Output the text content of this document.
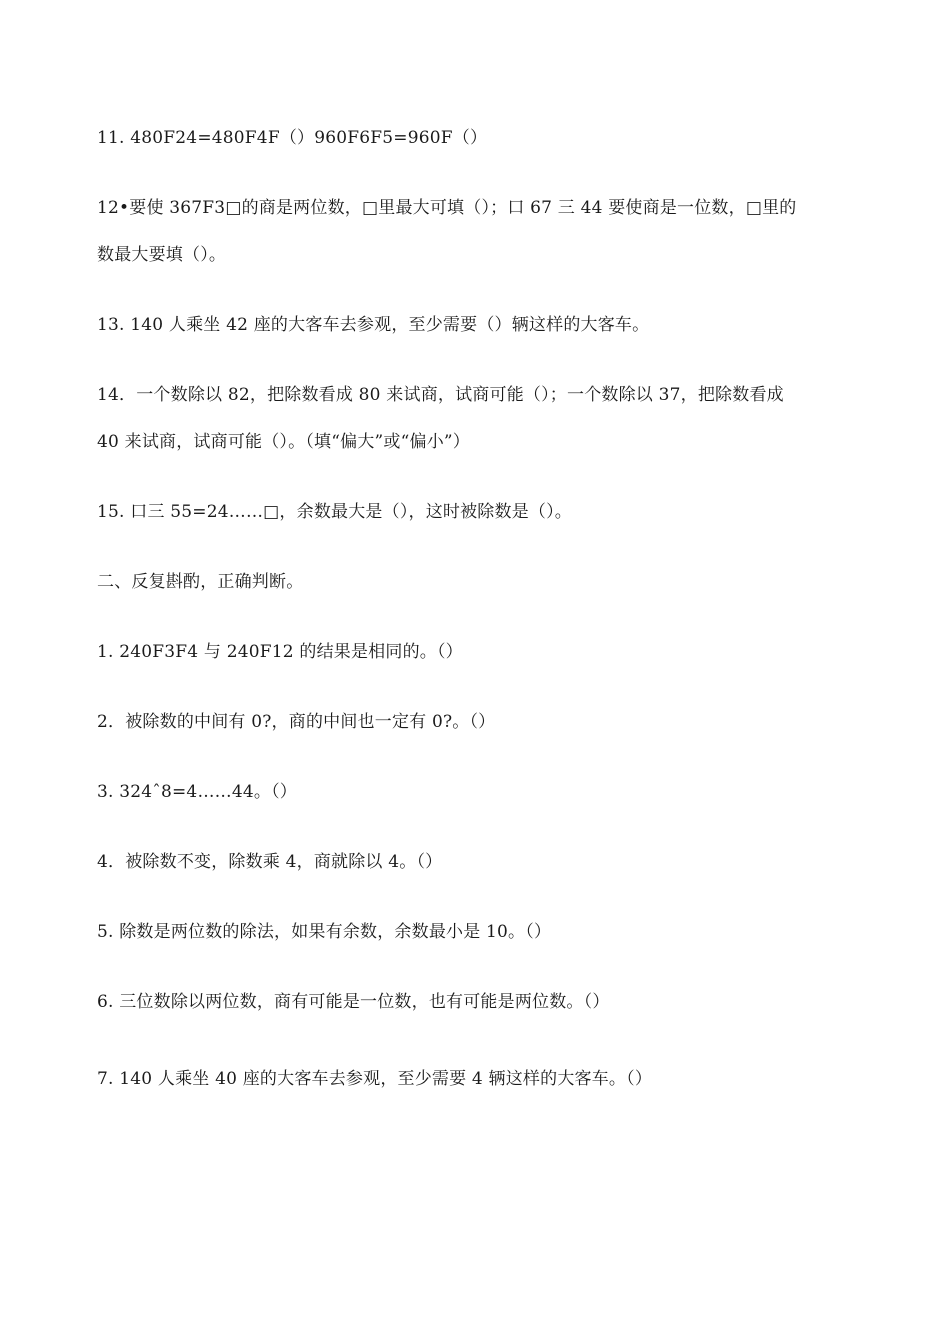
11. 480F24=480F4F（）960F6F5=960F（）
12•要使 367F3□的商是两位数，□里最大可填（）；口 67 三 44 要使商是一位数，□里的
数最大要填（）。
13. 140 人乘坐 42 座的大客车去参观，至少需要（）辆这样的大客车。
14．一个数除以 82，把除数看成 80 来试商，试商可能（）；一个数除以 37，把除数看成
40 来试商，试商可能（）。（填“偏大”或“偏小”）
15. 口三 55=24……□，余数最大是（），这时被除数是（）。
二、反复斟酌，正确判断。
1. 240F3F4 与 240F12 的结果是相同的。（）
2．被除数的中间有 0?，商的中间也一定有 0?。（）
3. 324ˆ8=4……44。（）
4．被除数不变，除数乘 4，商就除以 4。（）
5. 除数是两位数的除法，如果有余数，余数最小是 10。（）
6. 三位数除以两位数，商有可能是一位数，也有可能是两位数。（）
7. 140 人乘坐 40 座的大客车去参观，至少需要 4 辆这样的大客车。（）
